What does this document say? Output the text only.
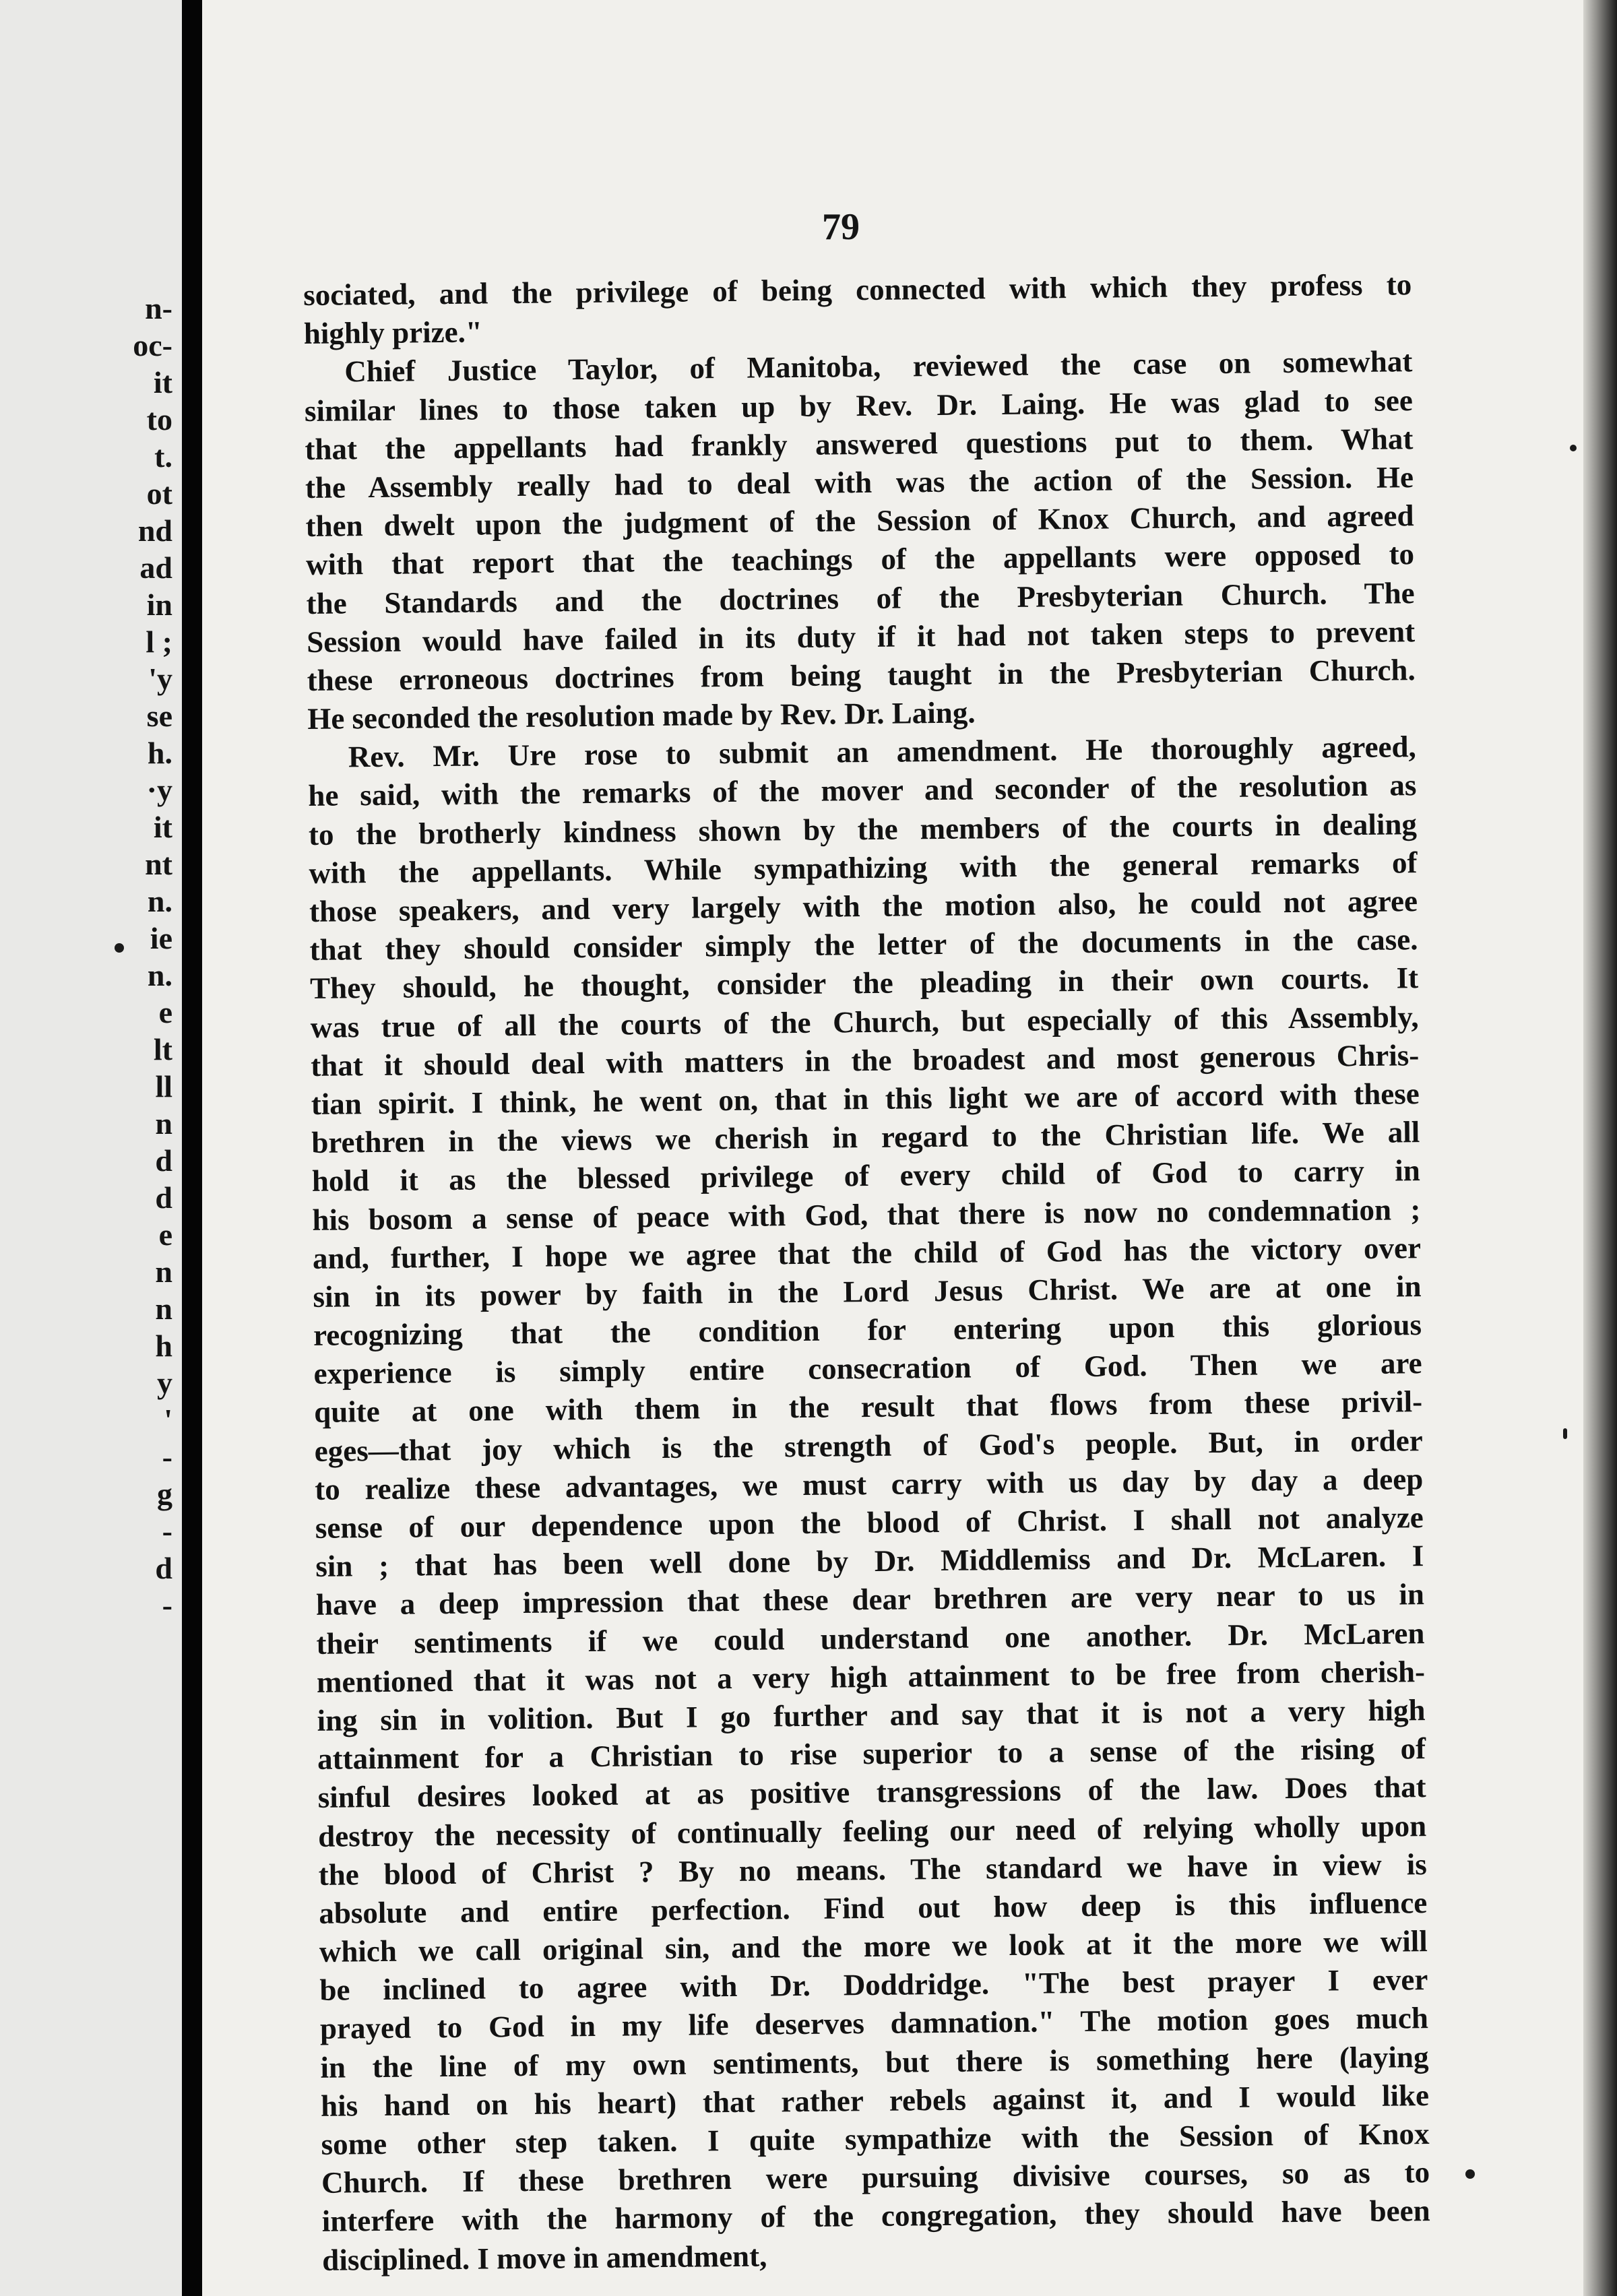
n-
oc-
it
to
t.
ot
nd
ad
in
l ;
'y
se
h.
·y
it
nt
n.
ie
n.
e
lt
ll
n
d
d
e
n
n
h
y
'
-
g
-
d
-
79
sociated, and the privilege of being connected with which they profess to
highly prize."
Chief Justice Taylor, of Manitoba, reviewed the case on somewhat
similar lines to those taken up by Rev. Dr. Laing. He was glad to see
that the appellants had frankly answered questions put to them. What
the Assembly really had to deal with was the action of the Session. He
then dwelt upon the judgment of the Session of Knox Church, and agreed
with that report that the teachings of the appellants were opposed to
the Standards and the doctrines of the Presbyterian Church. The
Session would have failed in its duty if it had not taken steps to prevent
these erroneous doctrines from being taught in the Presbyterian Church.
He seconded the resolution made by Rev. Dr. Laing.
Rev. Mr. Ure rose to submit an amendment. He thoroughly agreed,
he said, with the remarks of the mover and seconder of the resolution as
to the brotherly kindness shown by the members of the courts in dealing
with the appellants. While sympathizing with the general remarks of
those speakers, and very largely with the motion also, he could not agree
that they should consider simply the letter of the documents in the case.
They should, he thought, consider the pleading in their own courts. It
was true of all the courts of the Church, but especially of this Assembly,
that it should deal with matters in the broadest and most generous Chris-
tian spirit. I think, he went on, that in this light we are of accord with these
brethren in the views we cherish in regard to the Christian life. We all
hold it as the blessed privilege of every child of God to carry in
his bosom a sense of peace with God, that there is now no condemnation ;
and, further, I hope we agree that the child of God has the victory over
sin in its power by faith in the Lord Jesus Christ. We are at one in
recognizing that the condition for entering upon this glorious
experience is simply entire consecration of God. Then we are
quite at one with them in the result that flows from these privil-
eges—that joy which is the strength of God's people. But, in order
to realize these advantages, we must carry with us day by day a deep
sense of our dependence upon the blood of Christ. I shall not analyze
sin ; that has been well done by Dr. Middlemiss and Dr. McLaren. I
have a deep impression that these dear brethren are very near to us in
their sentiments if we could understand one another. Dr. McLaren
mentioned that it was not a very high attainment to be free from cherish-
ing sin in volition. But I go further and say that it is not a very high
attainment for a Christian to rise superior to a sense of the rising of
sinful desires looked at as positive transgressions of the law. Does that
destroy the necessity of continually feeling our need of relying wholly upon
the blood of Christ ? By no means. The standard we have in view is
absolute and entire perfection. Find out how deep is this influence
which we call original sin, and the more we look at it the more we will
be inclined to agree with Dr. Doddridge. "The best prayer I ever
prayed to God in my life deserves damnation." The motion goes much
in the line of my own sentiments, but there is something here (laying
his hand on his heart) that rather rebels against it, and I would like
some other step taken. I quite sympathize with the Session of Knox
Church. If these brethren were pursuing divisive courses, so as to
interfere with the harmony of the congregation, they should have been
disciplined. I move in amendment,
